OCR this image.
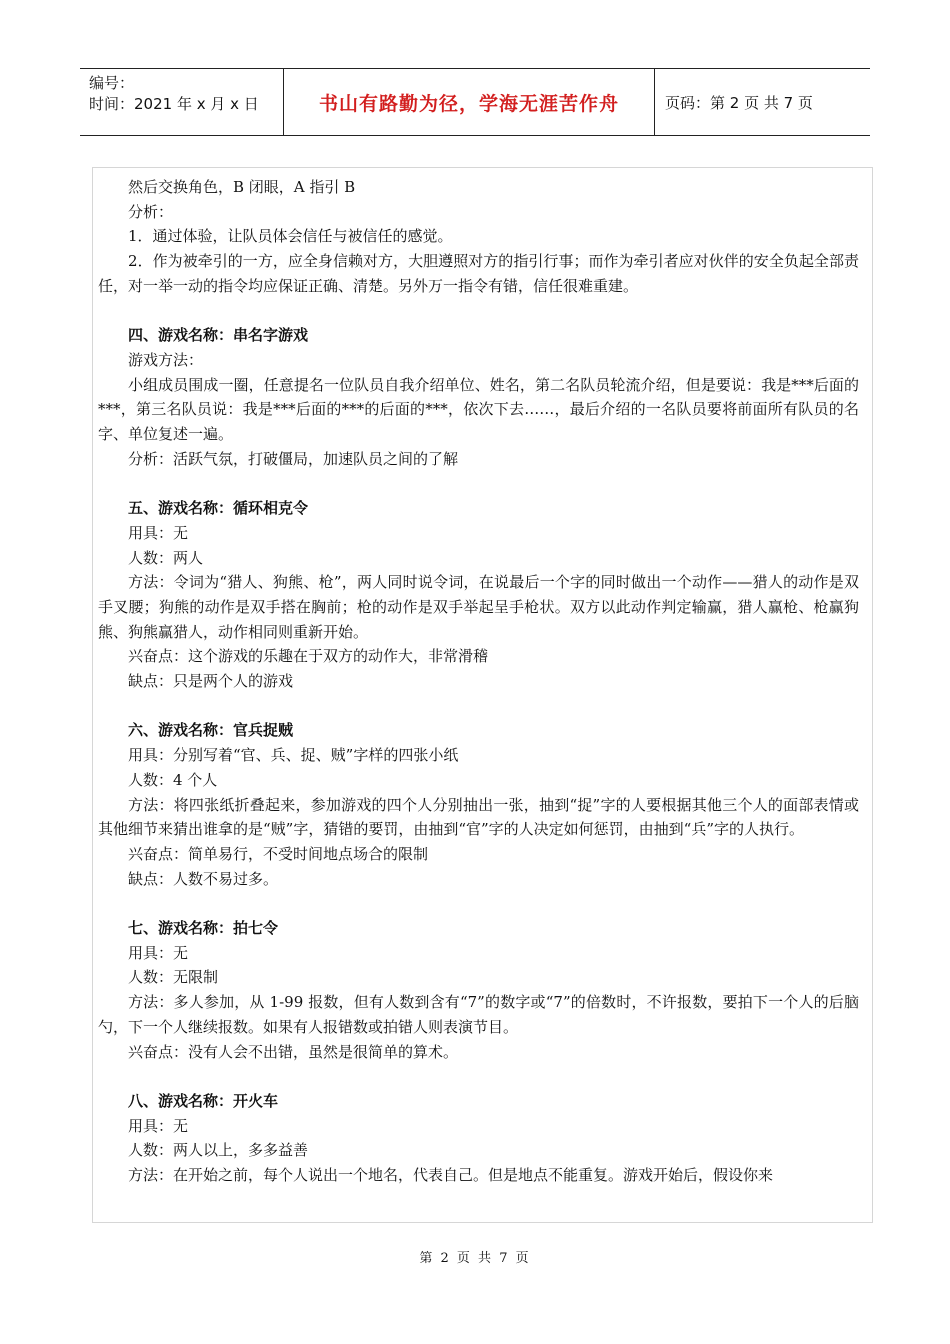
编号：
时间：2021 年 x 月 x 日	书山有路勤为径，学海无涯苦作舟	页码：第 2 页 共 7 页

然后交换角色，B 闭眼，A 指引 B

分析：

1．通过体验，让队员体会信任与被信任的感觉。

2．作为被牵引的一方，应全身信赖对方，大胆遵照对方的指引行事；而作为牵引者应对伙伴的安全负起全部责任，对一举一动的指令均应保证正确、清楚。另外万一指令有错，信任很难重建。

四、游戏名称：串名字游戏

游戏方法：

小组成员围成一圈，任意提名一位队员自我介绍单位、姓名，第二名队员轮流介绍，但是要说：我是***后面的***，第三名队员说：我是***后面的***的后面的***，依次下去……，最后介绍的一名队员要将前面所有队员的名字、单位复述一遍。

分析：活跃气氛，打破僵局，加速队员之间的了解

五、游戏名称：循环相克令

用具：无

人数：两人

方法：令词为“猎人、狗熊、枪”，两人同时说令词，在说最后一个字的同时做出一个动作——猎人的动作是双手叉腰；狗熊的动作是双手搭在胸前；枪的动作是双手举起呈手枪状。双方以此动作判定输赢，猎人赢枪、枪赢狗熊、狗熊赢猎人，动作相同则重新开始。

兴奋点：这个游戏的乐趣在于双方的动作大，非常滑稽

缺点：只是两个人的游戏

六、游戏名称：官兵捉贼

用具：分别写着“官、兵、捉、贼”字样的四张小纸

人数：4 个人

方法：将四张纸折叠起来，参加游戏的四个人分别抽出一张，抽到“捉”字的人要根据其他三个人的面部表情或其他细节来猜出谁拿的是“贼”字，猜错的要罚，由抽到“官”字的人决定如何惩罚，由抽到“兵”字的人执行。

兴奋点：简单易行，不受时间地点场合的限制

缺点：人数不易过多。

七、游戏名称：拍七令

用具：无

人数：无限制

方法：多人参加，从 1-99 报数，但有人数到含有“7”的数字或“7”的倍数时，不许报数，要拍下一个人的后脑勺，下一个人继续报数。如果有人报错数或拍错人则表演节目。

兴奋点：没有人会不出错，虽然是很简单的算术。

八、游戏名称：开火车

用具：无

人数：两人以上，多多益善

方法：在开始之前，每个人说出一个地名，代表自己。但是地点不能重复。游戏开始后，假设你来

第 2 页 共 7 页
